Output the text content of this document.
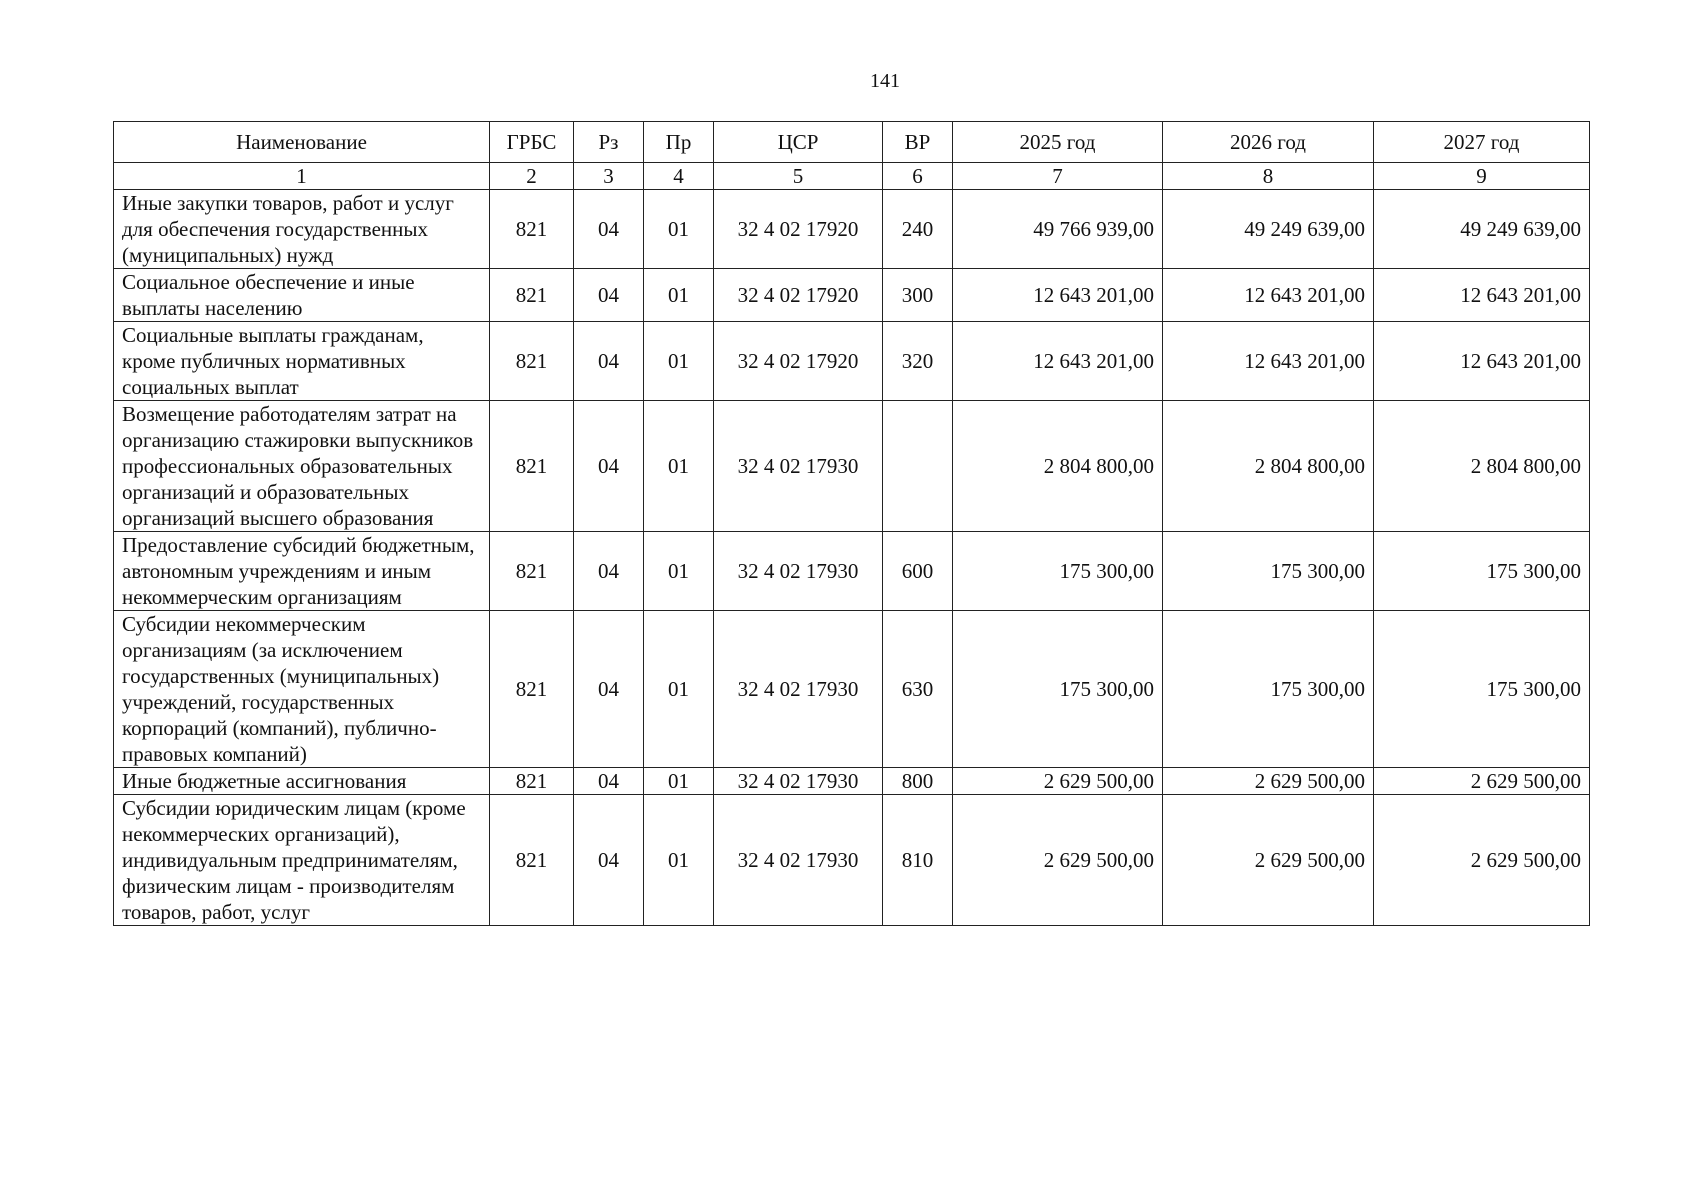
141
Наименование	ГРБС	Рз	Пр	ЦСР	ВР	2025 год	2026 год	2027 год
1	2	3	4	5	6	7	8	9
Иные закупки товаров, работ и услуг для обеспечения государственных (муниципальных) нужд	821	04	01	32 4 02 17920	240	49 766 939,00	49 249 639,00	49 249 639,00
Социальное обеспечение и иные выплаты населению	821	04	01	32 4 02 17920	300	12 643 201,00	12 643 201,00	12 643 201,00
Социальные выплаты гражданам, кроме публичных нормативных социальных выплат	821	04	01	32 4 02 17920	320	12 643 201,00	12 643 201,00	12 643 201,00
Возмещение работодателям затрат на организацию стажировки выпускников профессиональных образовательных организаций и образовательных организаций высшего образования	821	04	01	32 4 02 17930		2 804 800,00	2 804 800,00	2 804 800,00
Предоставление субсидий бюджетным, автономным учреждениям и иным некоммерческим организациям	821	04	01	32 4 02 17930	600	175 300,00	175 300,00	175 300,00
Субсидии некоммерческим организациям (за исключением государственных (муниципальных) учреждений, государственных корпораций (компаний), публично-правовых компаний)	821	04	01	32 4 02 17930	630	175 300,00	175 300,00	175 300,00
Иные бюджетные ассигнования	821	04	01	32 4 02 17930	800	2 629 500,00	2 629 500,00	2 629 500,00
Субсидии юридическим лицам (кроме некоммерческих организаций), индивидуальным предпринимателям, физическим лицам - производителям товаров, работ, услуг	821	04	01	32 4 02 17930	810	2 629 500,00	2 629 500,00	2 629 500,00
